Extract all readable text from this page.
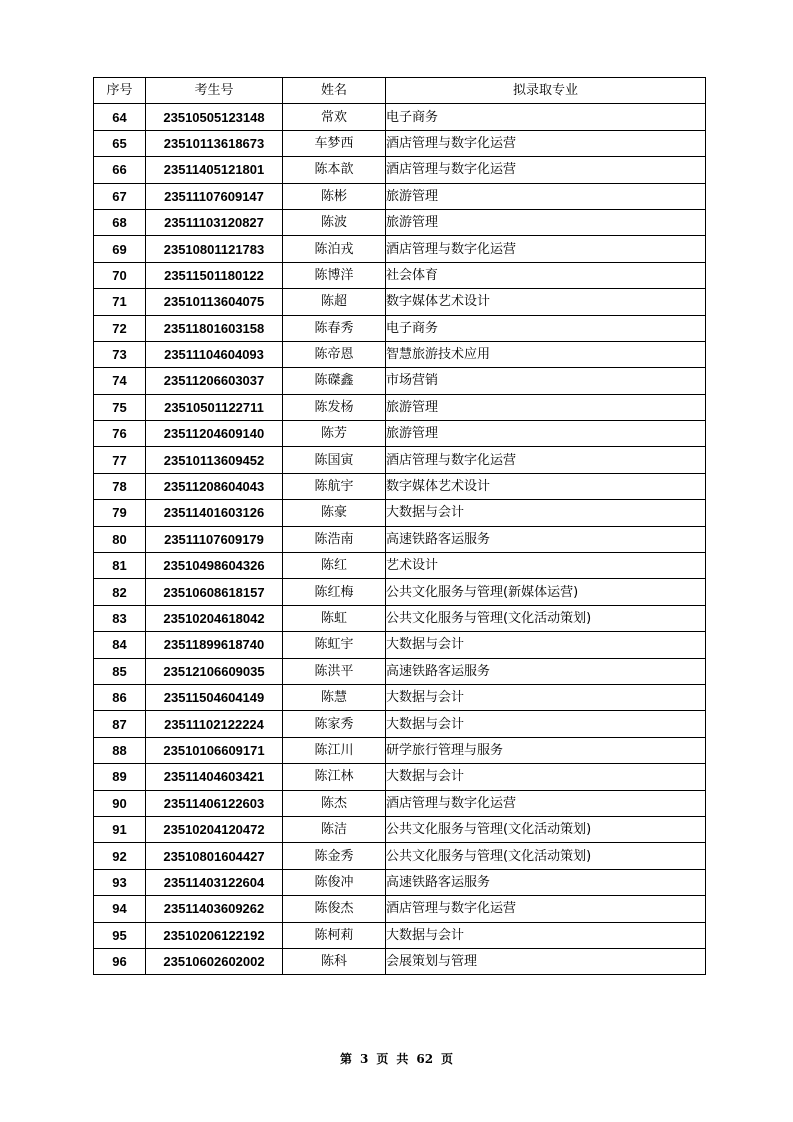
序号	考生号	姓名	拟录取专业
64	23510505123148	常欢	电子商务
65	23510113618673	车梦西	酒店管理与数字化运营
66	23511405121801	陈本歆	酒店管理与数字化运营
67	23511107609147	陈彬	旅游管理
68	23511103120827	陈波	旅游管理
69	23510801121783	陈泊戎	酒店管理与数字化运营
70	23511501180122	陈博洋	社会体育
71	23510113604075	陈超	数字媒体艺术设计
72	23511801603158	陈春秀	电子商务
73	23511104604093	陈帝恩	智慧旅游技术应用
74	23511206603037	陈磔鑫	市场营销
75	23510501122711	陈发杨	旅游管理
76	23511204609140	陈芳	旅游管理
77	23510113609452	陈国寅	酒店管理与数字化运营
78	23511208604043	陈航宇	数字媒体艺术设计
79	23511401603126	陈豪	大数据与会计
80	23511107609179	陈浩南	高速铁路客运服务
81	23510498604326	陈红	艺术设计
82	23510608618157	陈红梅	公共文化服务与管理(新媒体运营)
83	23510204618042	陈虹	公共文化服务与管理(文化活动策划)
84	23511899618740	陈虹宇	大数据与会计
85	23512106609035	陈洪平	高速铁路客运服务
86	23511504604149	陈慧	大数据与会计
87	23511102122224	陈家秀	大数据与会计
88	23510106609171	陈江川	研学旅行管理与服务
89	23511404603421	陈江林	大数据与会计
90	23511406122603	陈杰	酒店管理与数字化运营
91	23510204120472	陈洁	公共文化服务与管理(文化活动策划)
92	23510801604427	陈金秀	公共文化服务与管理(文化活动策划)
93	23511403122604	陈俊冲	高速铁路客运服务
94	23511403609262	陈俊杰	酒店管理与数字化运营
95	23510206122192	陈柯莉	大数据与会计
96	23510602602002	陈科	会展策划与管理
第 3 页 共 62 页
